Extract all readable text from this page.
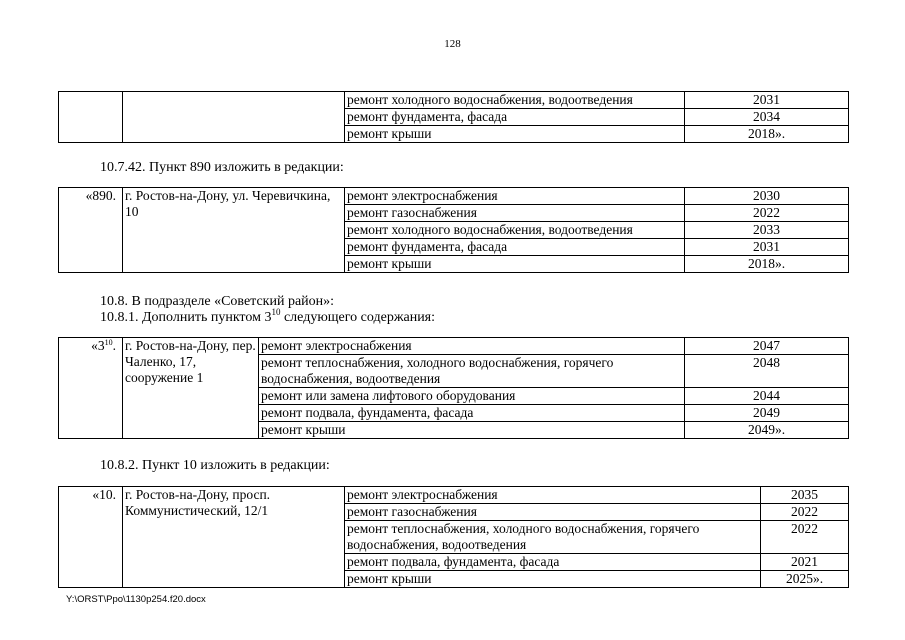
128
		ремонт холодного водоснабжения, водоотведения	2031
		ремонт фундамента, фасада	2034
		ремонт крыши	2018».
10.7.42. Пункт 890 изложить в редакции:
«890.	г. Ростов-на-Дону, ул. Черевичкина, 10	ремонт электроснабжения	2030
		ремонт газоснабжения	2022
		ремонт холодного водоснабжения, водоотведения	2033
		ремонт фундамента, фасада	2031
		ремонт крыши	2018».
10.8. В подразделе «Советский район»:
10.8.1. Дополнить пунктом $3^{10}$ следующего содержания:
«$3^{10}$.	г. Ростов-на-Дону, пер. Чаленко, 17, сооружение 1	ремонт электроснабжения	2047
		ремонт теплоснабжения, холодного водоснабжения, горячего водоснабжения, водоотведения	2048
		ремонт или замена лифтового оборудования	2044
		ремонт подвала, фундамента, фасада	2049
		ремонт крыши	2049».
10.8.2. Пункт 10 изложить в редакции:
«10.	г. Ростов-на-Дону, просп. Коммунистический, 12/1	ремонт электроснабжения	2035
		ремонт газоснабжения	2022
		ремонт теплоснабжения, холодного водоснабжения, горячего водоснабжения, водоотведения	2022
		ремонт подвала, фундамента, фасада	2021
		ремонт крыши	2025».
Y:\ORST\Ppo\1130p254.f20.docx
